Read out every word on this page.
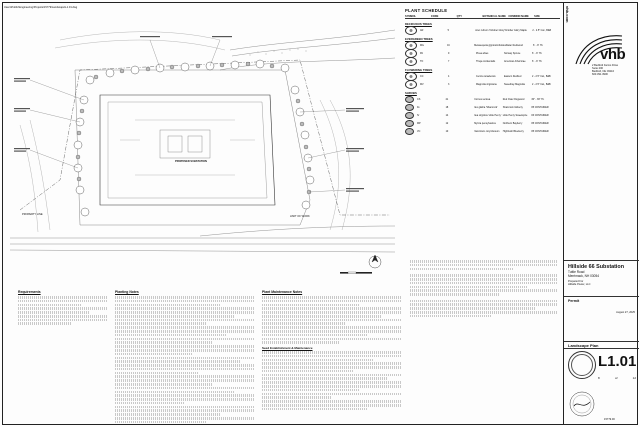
Users\Public\Engineering\Projects\15779\Landscape\L1.01.dwg
PROPOSED SUBSTATION
PROPERTY LINE
LIMIT OF WORK
PLANT SCHEDULE
SYMBOL	CODE	QTY	BOTANICAL NAME COMMON NAME	SIZE
DECIDUOUS TREES
AR	5	Acer rubrum 'October Glory' October Glory Maple	2 - 2.5" Cal., B&B
EVERGREEN TREES
MG	16	Metasequoia glyptostroboides Dawn Redwood	6` - 8` Ht.
PA	9	Picea abies	Norway Spruce	6` - 8` Ht.
TO	7	Thuja occidentalis	American Arborvitae	6` - 8` Ht.
FLOWERING TREES
CC	4	Cercis canadensis	Eastern Redbud	2 - 2.5" Cal., B&B
MV	3	Magnolia virginiana	Sweetbay Magnolia	2 - 2.5" Cal., B&B
SHRUBS
CS	21	Cornus sericea	Red Osier Dogwood	30" - 36" Ht.
IG	18	Ilex glabra 'Shamrock'	Shamrock Inkberry	#5 CONTAINER
IV	14	Itea virginica 'Little Henry' Little Henry Sweetspire	#3 CONTAINER
MP	12	Myrica pensylvanica	Northern Bayberry	#5 CONTAINER
VC	10	Vaccinium corymbosum	Highbush Blueberry	#5 CONTAINER
Requirements	Planting Notes	Plant Maintenance Notes
Seed Establishment & Maintenance
vhb.com
vhb
2 Bedford Farms Drive
Suite 200
Bedford, NH 03110
603.391.3900
Hillside 66 Substation
Tuttle Road
Merrimack, NH 03054
Prepared For
Hillside Power, LLC
Permit
August 27, 2025
Landscape Plan
L1.01
8	of	12
15779.00
